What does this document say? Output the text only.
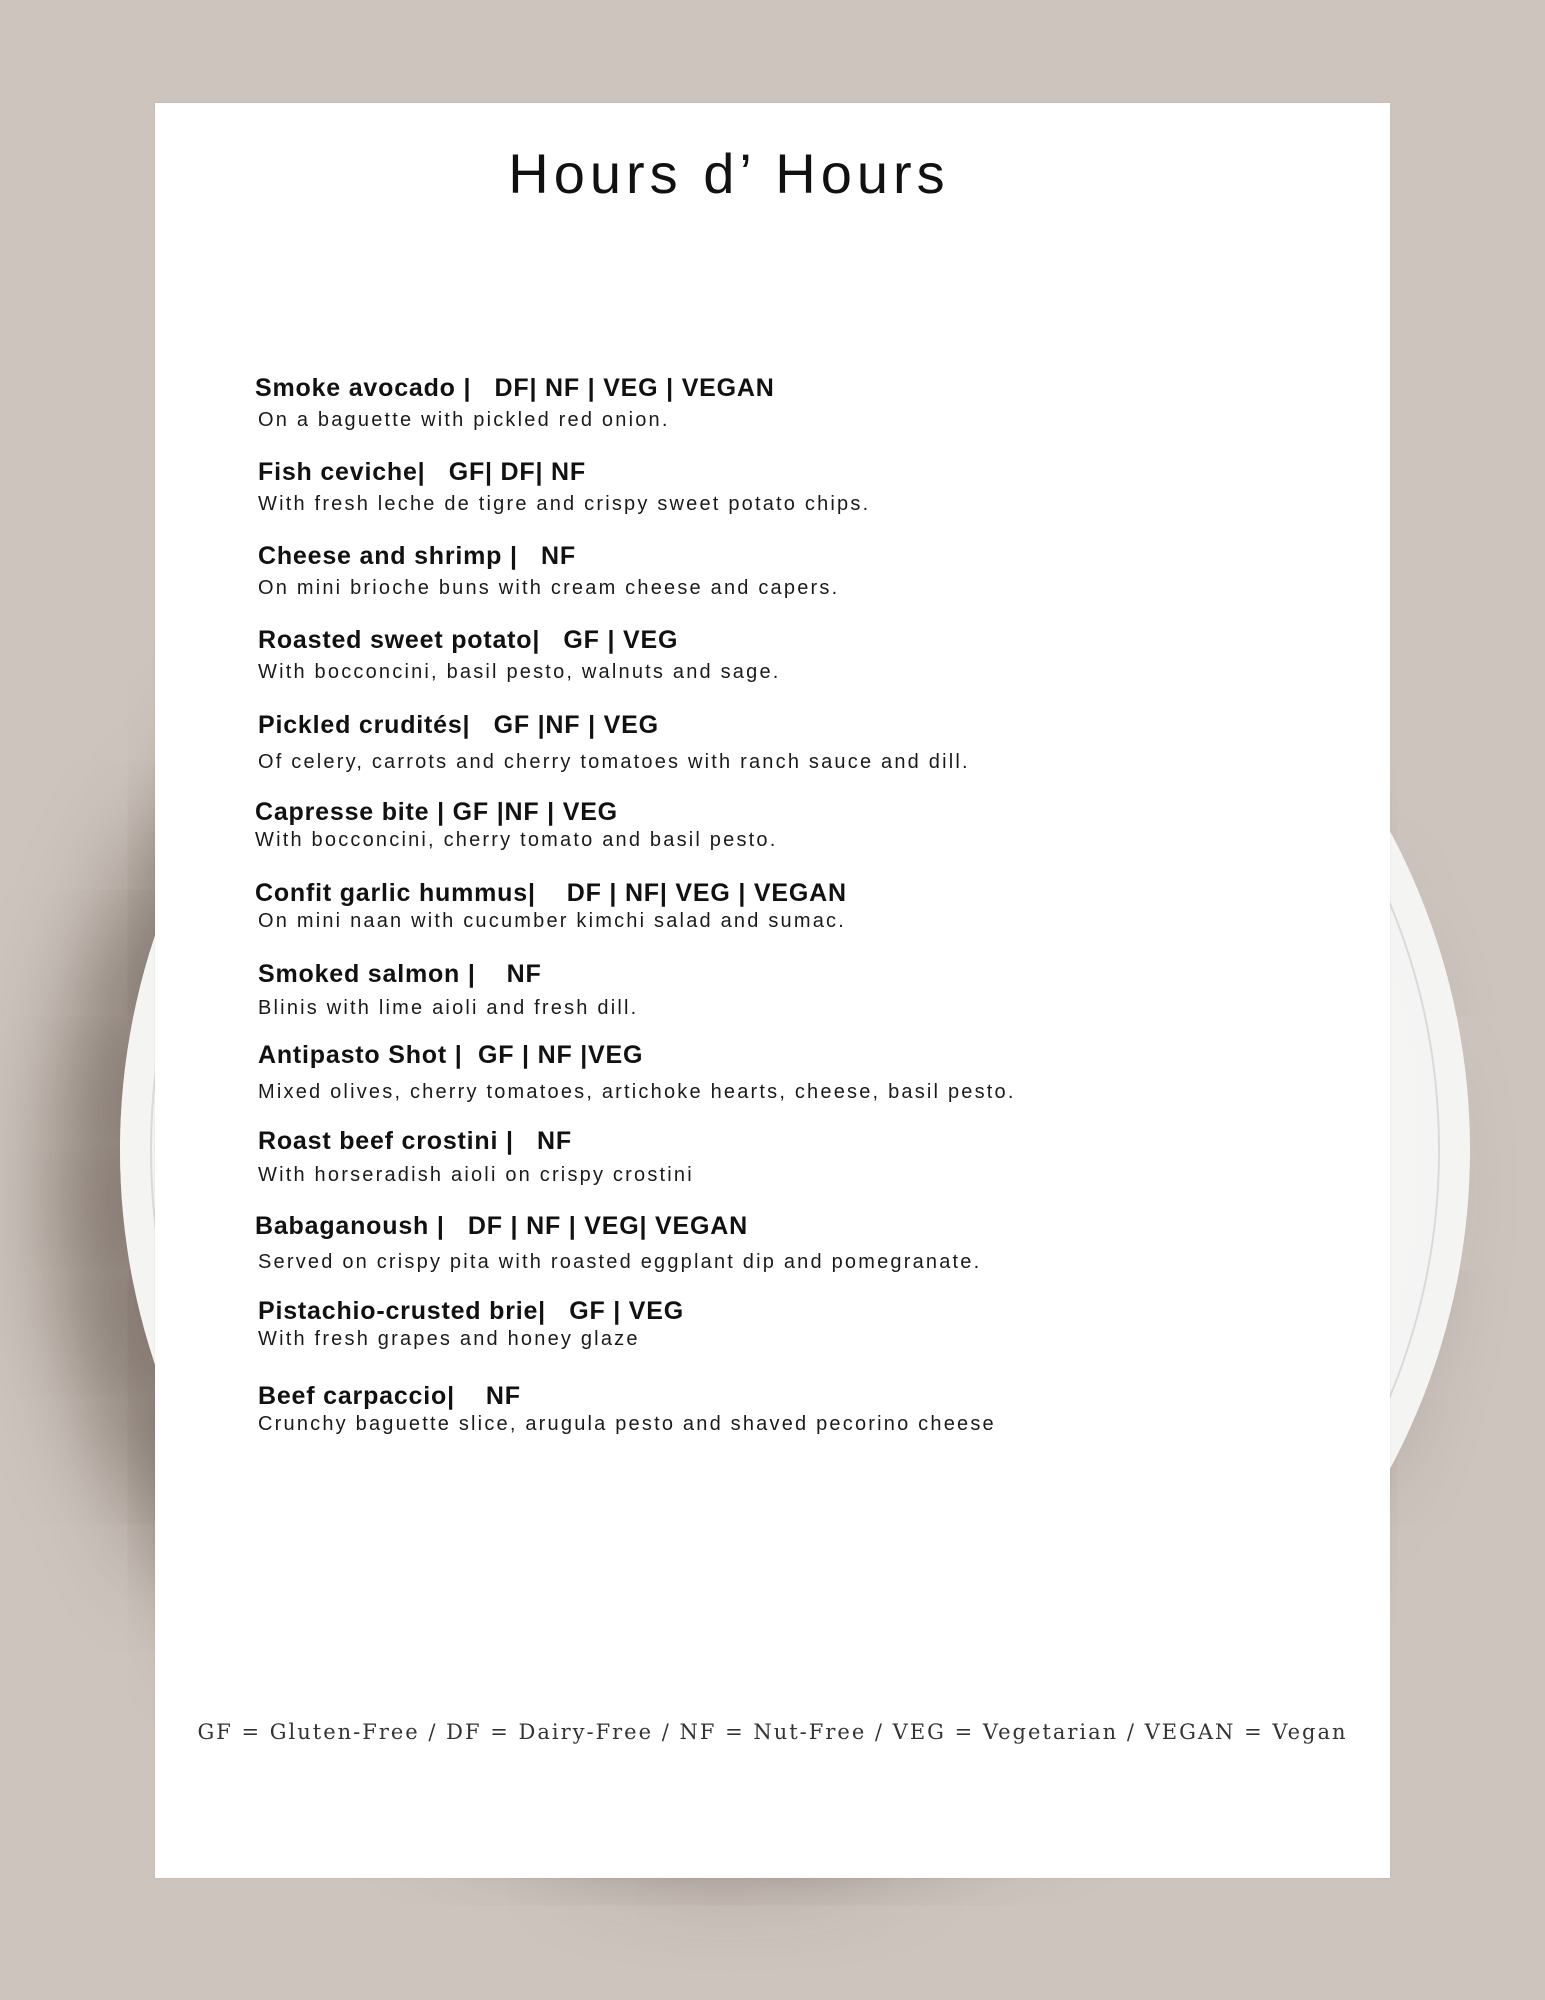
Hours d’ Hours
Smoke avocado |   DF| NF | VEG | VEGAN
On a baguette with pickled red onion.
Fish ceviche|   GF| DF| NF
With fresh leche de tigre and crispy sweet potato chips.
Cheese and shrimp |   NF
On mini brioche buns with cream cheese and capers.
Roasted sweet potato|   GF | VEG
With bocconcini, basil pesto, walnuts and sage.
Pickled crudités|   GF |NF | VEG
Of celery, carrots and cherry tomatoes with ranch sauce and dill.
Capresse bite | GF |NF | VEG
With bocconcini, cherry tomato and basil pesto.
Confit garlic hummus|    DF | NF| VEG | VEGAN
On mini naan with cucumber kimchi salad and sumac.
Smoked salmon |    NF
Blinis with lime aioli and fresh dill.
Antipasto Shot |  GF | NF |VEG
Mixed olives, cherry tomatoes, artichoke hearts, cheese, basil pesto.
Roast beef crostini |   NF
With horseradish aioli on crispy crostini
Babaganoush |   DF | NF | VEG| VEGAN
Served on crispy pita with roasted eggplant dip and pomegranate.
Pistachio-crusted brie|   GF | VEG
With fresh grapes and honey glaze
Beef carpaccio|    NF
Crunchy baguette slice, arugula pesto and shaved pecorino cheese
GF = Gluten-Free / DF = Dairy-Free / NF = Nut-Free / VEG = Vegetarian / VEGAN = Vegan
